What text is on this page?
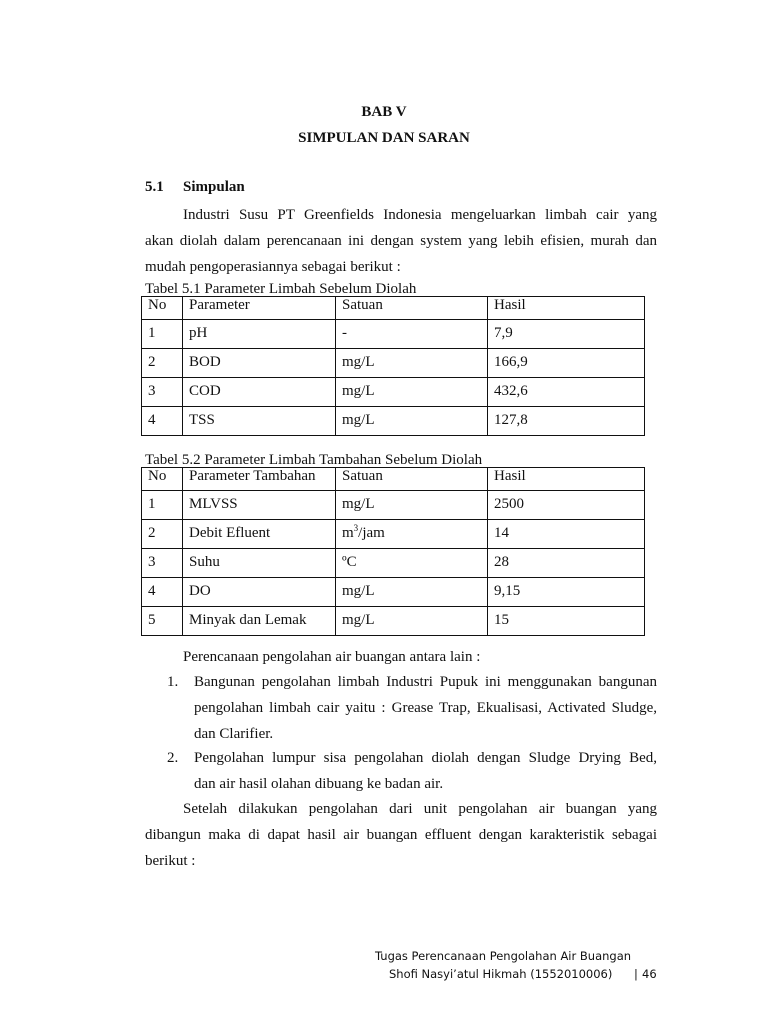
BAB V
SIMPULAN DAN SARAN
5.1 Simpulan
Industri Susu PT Greenfields Indonesia mengeluarkan limbah cair yang
akan diolah dalam perencanaan ini dengan system yang lebih efisien, murah dan
mudah pengoperasiannya sebagai berikut :
Tabel 5.1 Parameter Limbah Sebelum Diolah
No	Parameter	Satuan	Hasil
1	pH	-	7,9
2	BOD	mg/L	166,9
3	COD	mg/L	432,6
4	TSS	mg/L	127,8
Tabel 5.2 Parameter Limbah Tambahan Sebelum Diolah
No	Parameter Tambahan	Satuan	Hasil
1	MLVSS	mg/L	2500
2	Debit Efluent	$m^3$/jam	14
3	Suhu	ºC	28
4	DO	mg/L	9,15
5	Minyak dan Lemak	mg/L	15
Perencanaan pengolahan air buangan antara lain :
1. Bangunan pengolahan limbah Industri Pupuk ini menggunakan bangunan
pengolahan limbah cair yaitu : Grease Trap, Ekualisasi, Activated Sludge,
dan Clarifier.
2. Pengolahan lumpur sisa pengolahan diolah dengan Sludge Drying Bed,
dan air hasil olahan dibuang ke badan air.
Setelah dilakukan pengolahan dari unit pengolahan air buangan yang
dibangun maka di dapat hasil air buangan effluent dengan karakteristik sebagai
berikut :
Tugas Perencanaan Pengolahan Air Buangan
Shofi Nasyi’atul Hikmah (1552010006) | 46
